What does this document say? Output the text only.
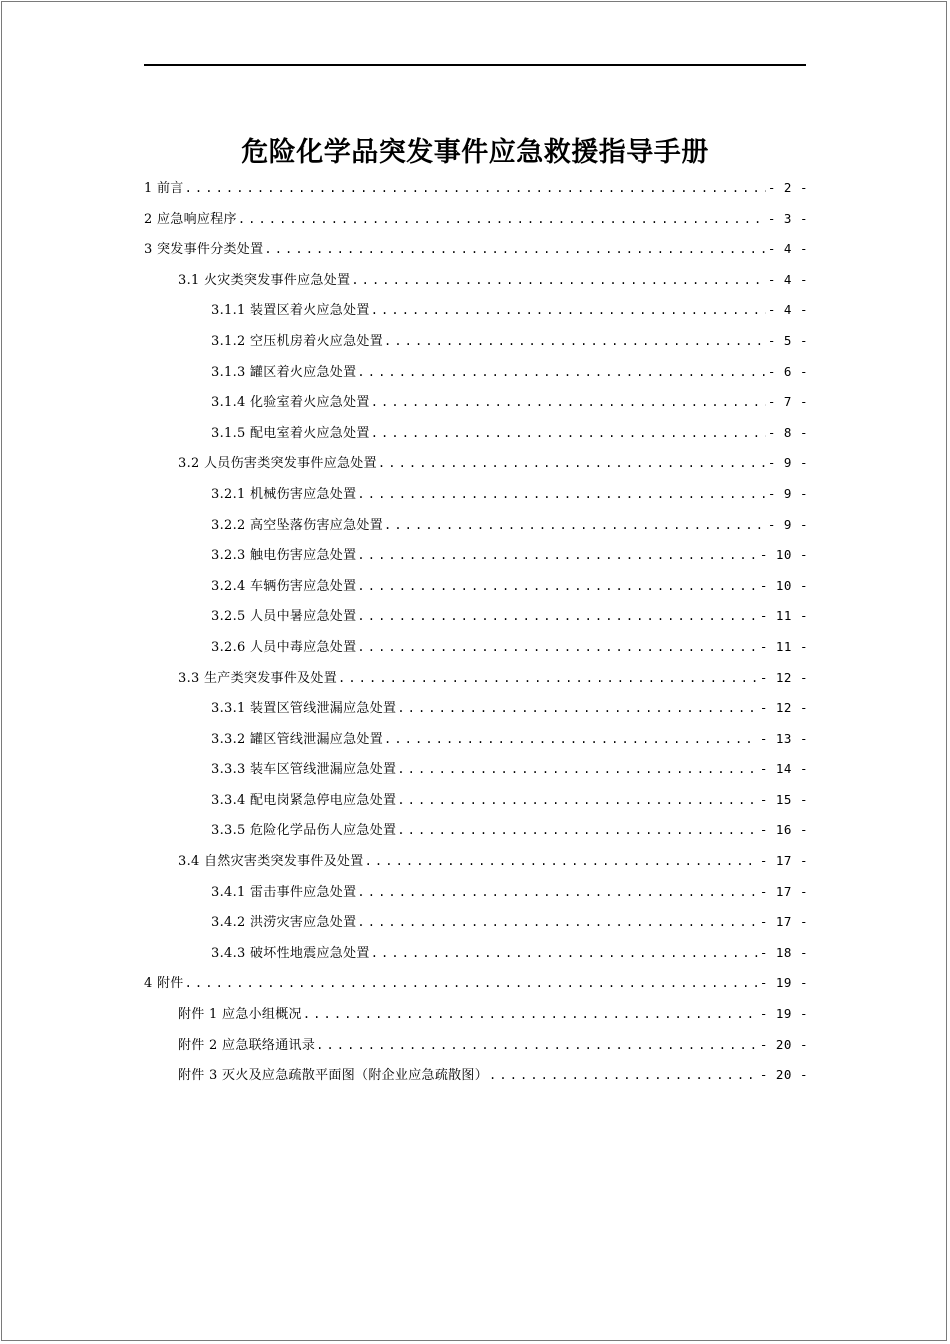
危险化学品突发事件应急救援指导手册
1 前言 .....	- 2 -
2 应急响应程序 .....	- 3 -
3 突发事件分类处置 .....	- 4 -
3.1 火灾类突发事件应急处置 .....	- 4 -
3.1.1 装置区着火应急处置 .....	- 4 -
3.1.2 空压机房着火应急处置 .....	- 5 -
3.1.3 罐区着火应急处置 .....	- 6 -
3.1.4 化验室着火应急处置 .....	- 7 -
3.1.5 配电室着火应急处置 .....	- 8 -
3.2 人员伤害类突发事件应急处置 .....	- 9 -
3.2.1 机械伤害应急处置 .....	- 9 -
3.2.2 高空坠落伤害应急处置 .....	- 9 -
3.2.3 触电伤害应急处置 .....	- 10 -
3.2.4 车辆伤害应急处置 .....	- 10 -
3.2.5 人员中暑应急处置 .....	- 11 -
3.2.6 人员中毒应急处置 .....	- 11 -
3.3 生产类突发事件及处置 .....	- 12 -
3.3.1 装置区管线泄漏应急处置 .....	- 12 -
3.3.2 罐区管线泄漏应急处置 .....	- 13 -
3.3.3 装车区管线泄漏应急处置 .....	- 14 -
3.3.4 配电岗紧急停电应急处置 .....	- 15 -
3.3.5 危险化学品伤人应急处置 .....	- 16 -
3.4 自然灾害类突发事件及处置 .....	- 17 -
3.4.1 雷击事件应急处置 .....	- 17 -
3.4.2 洪涝灾害应急处置 .....	- 17 -
3.4.3 破坏性地震应急处置 .....	- 18 -
4 附件 .....	- 19 -
附件 1 应急小组概况 .....	- 19 -
附件 2 应急联络通讯录 .....	- 20 -
附件 3 灭火及应急疏散平面图（附企业应急疏散图） .....	- 20 -
